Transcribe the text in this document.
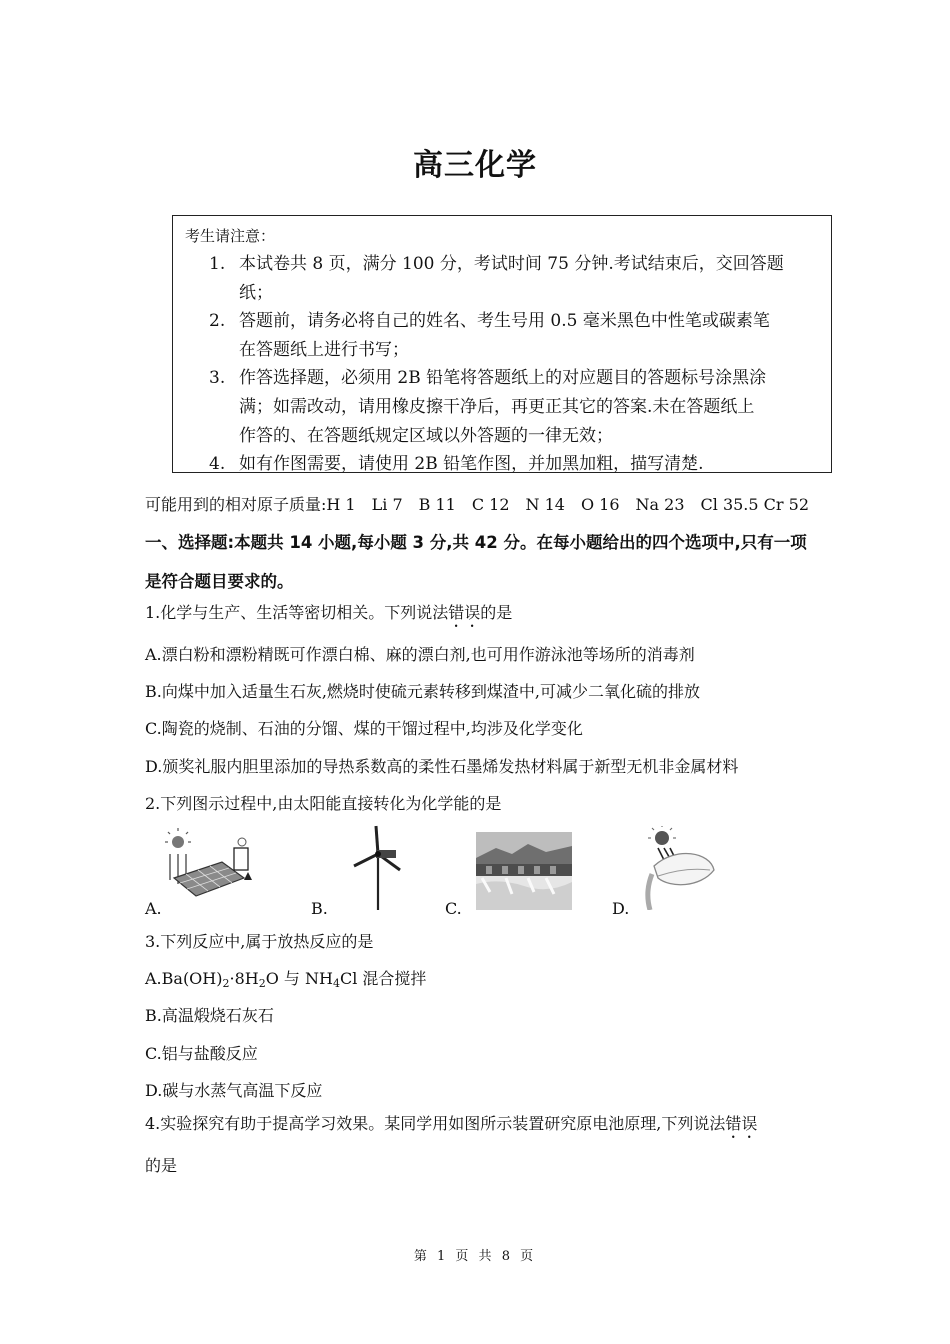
高三化学
考生请注意：
1. 本试卷共 8 页，满分 100 分，考试时间 75 分钟.考试结束后，交回答题
纸；
2. 答题前，请务必将自己的姓名、考生号用 0.5 毫米黑色中性笔或碳素笔
在答题纸上进行书写；
3. 作答选择题，必须用 2B 铅笔将答题纸上的对应题目的答题标号涂黑涂
满；如需改动，请用橡皮擦干净后，再更正其它的答案.未在答题纸上
作答的、在答题纸规定区域以外答题的一律无效；
4. 如有作图需要，请使用 2B 铅笔作图，并加黑加粗，描写清楚.
可能用到的相对原子质量:H 1　Li 7　B 11　C 12　N 14　O 16　Na 23　Cl 35.5 Cr 52
一、选择题:本题共 14 小题,每小题 3 分,共 42 分。在每小题给出的四个选项中,只有一项
是符合题目要求的。
1.化学与生产、生活等密切相关。下列说法错误的是
A.漂白粉和漂粉精既可作漂白棉、麻的漂白剂,也可用作游泳池等场所的消毒剂
B.向煤中加入适量生石灰,燃烧时使硫元素转移到煤渣中,可减少二氧化硫的排放
C.陶瓷的烧制、石油的分馏、煤的干馏过程中,均涉及化学变化
D.颁奖礼服内胆里添加的导热系数高的柔性石墨烯发热材料属于新型无机非金属材料
2.下列图示过程中,由太阳能直接转化为化学能的是
A.	B.	C.	D.
3.下列反应中,属于放热反应的是
$A.Ba(OH)_2\cdot 8H_2O$ 与 $NH_4Cl$ 混合搅拌
B.高温煅烧石灰石
C.铝与盐酸反应
D.碳与水蒸气高温下反应
4.实验探究有助于提高学习效果。某同学用如图所示装置研究原电池原理,下列说法错误
的是
第 1 页 共 8 页
